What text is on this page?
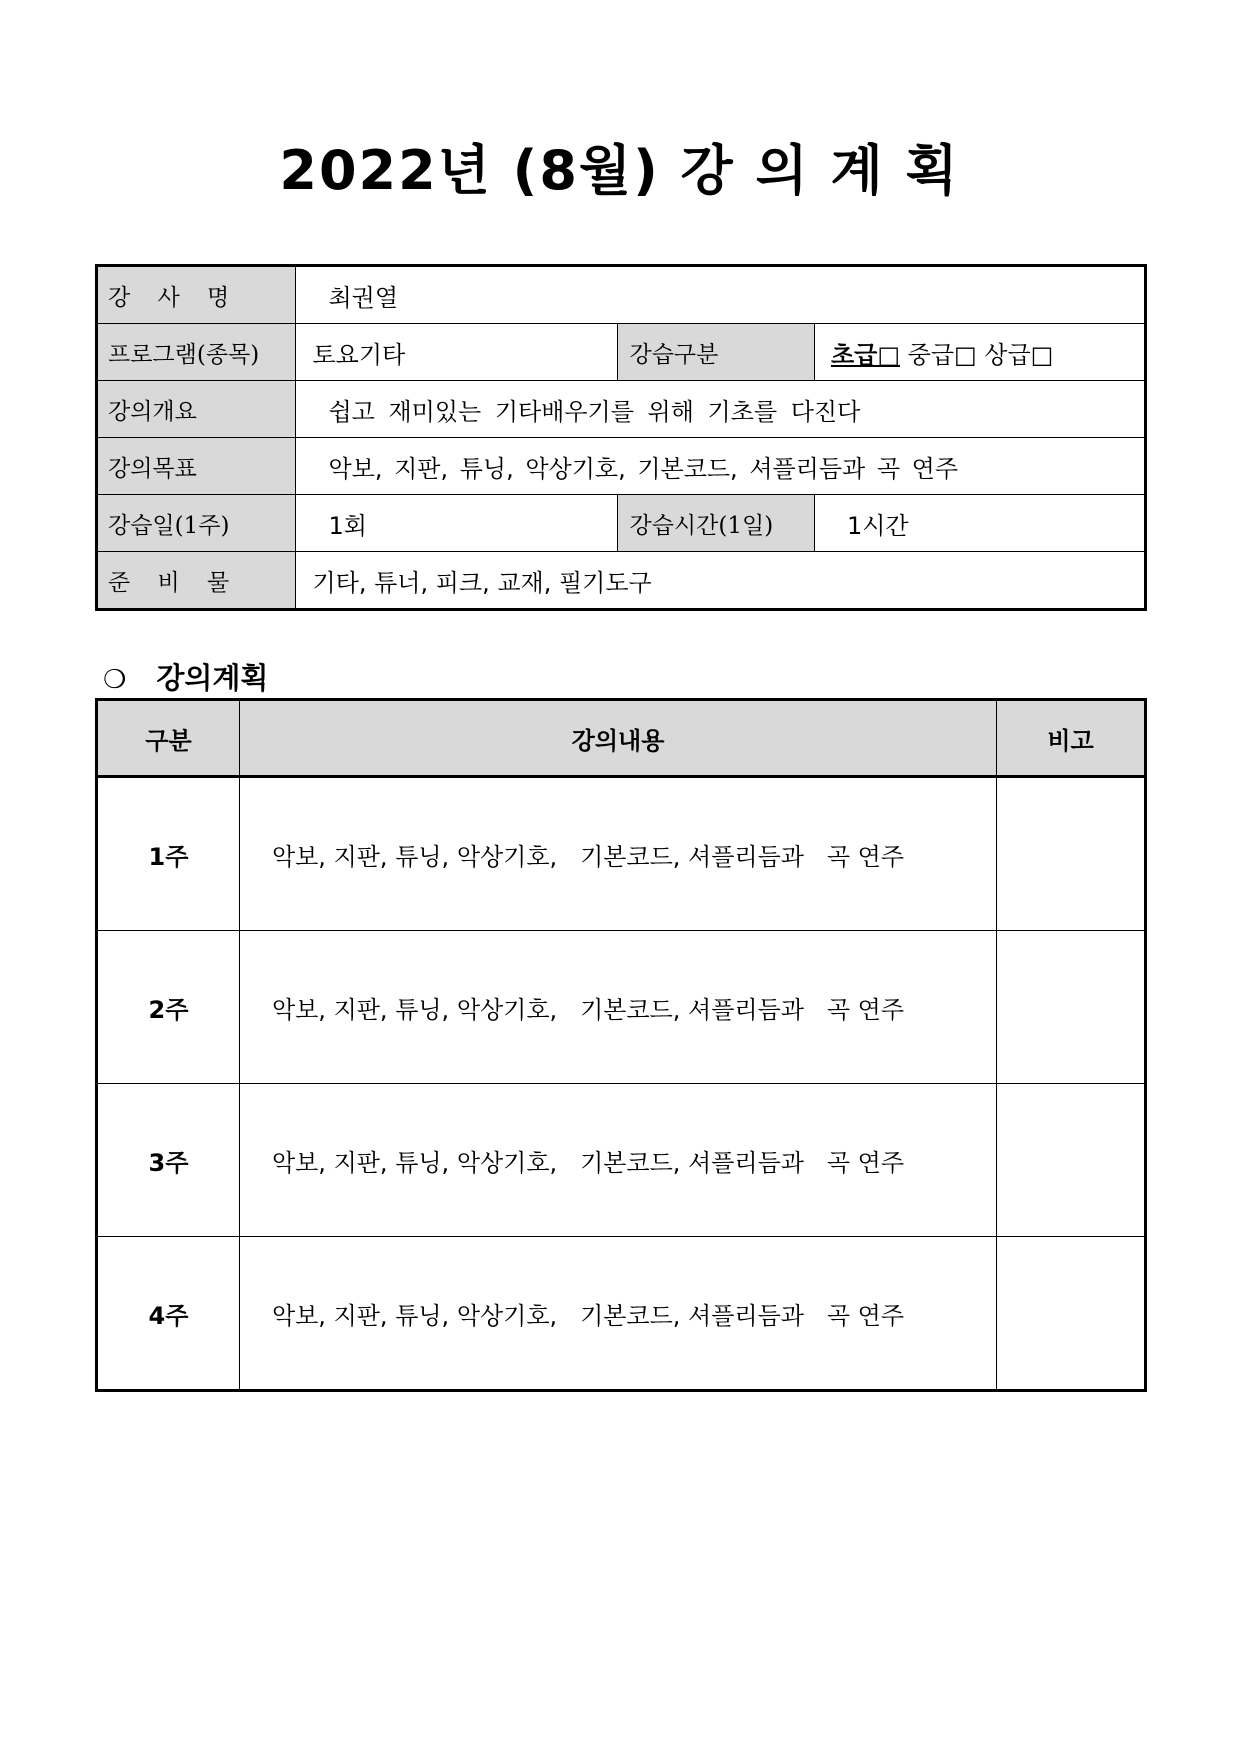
2022년 (8월) 강 의 계 획
강 사 명	최권열		
프로그램(종목)	토요기타	강습구분	초급□ 중급□ 상급□
강의개요	쉽고 재미있는 기타배우기를 위해 기초를 다진다		
강의목표	악보, 지판, 튜닝, 악상기호, 기본코드, 셔플리듬과 곡 연주		
강습일(1주)	1회	강습시간(1일)	1시간
준 비 물	기타, 튜너, 피크, 교재, 필기도구		
❍ 강의계획
구분	강의내용	비고
1주	악보, 지판, 튜닝, 악상기호,   기본코드, 셔플리듬과   곡 연주	
2주	악보, 지판, 튜닝, 악상기호,   기본코드, 셔플리듬과   곡 연주	
3주	악보, 지판, 튜닝, 악상기호,   기본코드, 셔플리듬과   곡 연주	
4주	악보, 지판, 튜닝, 악상기호,   기본코드, 셔플리듬과   곡 연주	
